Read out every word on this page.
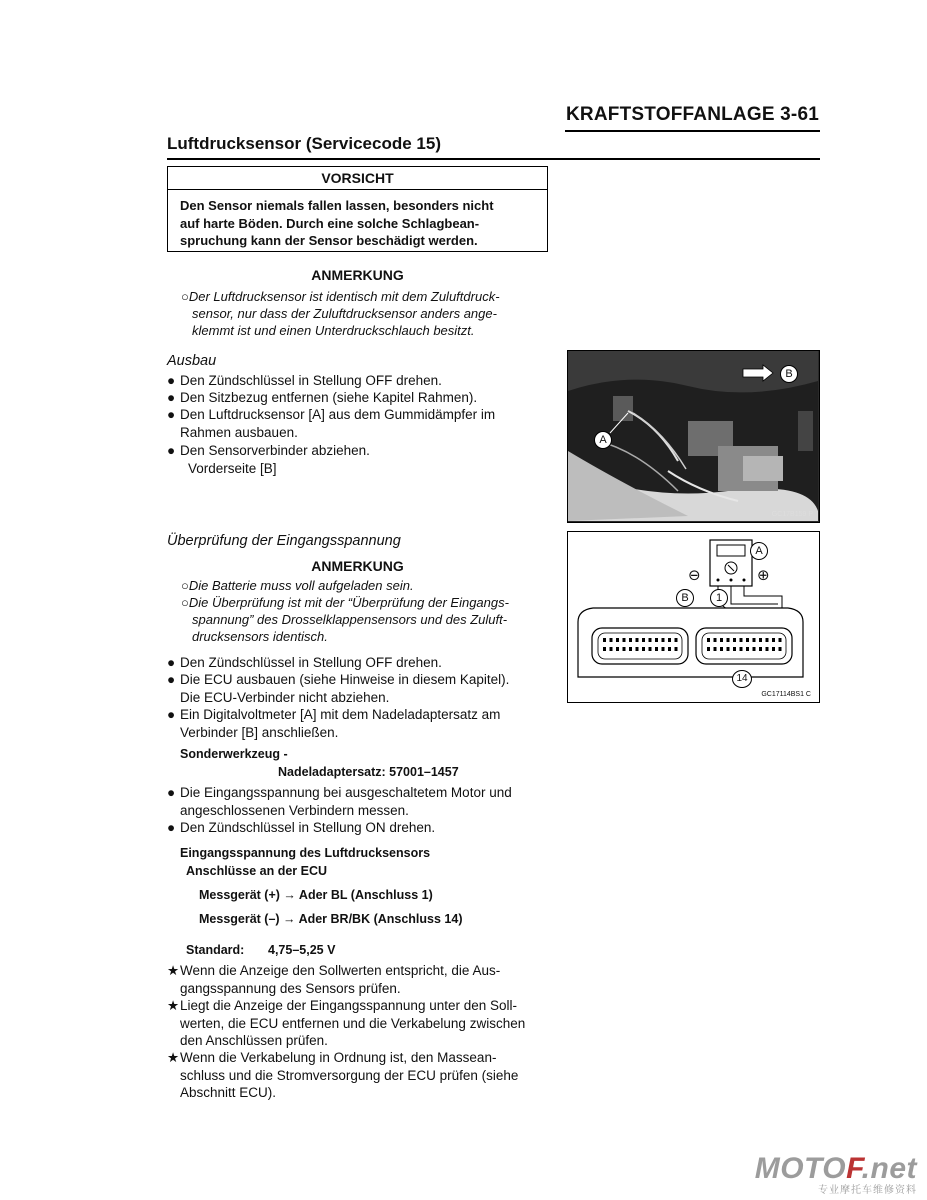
KRAFTSTOFFANLAGE 3-61
Luftdrucksensor (Servicecode 15)
VORSICHT
Den Sensor niemals fallen lassen, besonders nicht
auf harte Böden. Durch eine solche Schlagbean-
spruchung kann der Sensor beschädigt werden.
ANMERKUNG
○Der Luftdrucksensor ist identisch mit dem Zuluftdruck-
sensor, nur dass der Zuluftdrucksensor anders ange-
klemmt ist und einen Unterdruckschlauch besitzt.
Ausbau
● Den Zündschlüssel in Stellung OFF drehen.
● Den Sitzbezug entfernen (siehe Kapitel Rahmen).
● Den Luftdrucksensor [A] aus dem Gummidämpfer im
Rahmen ausbauen.
● Den Sensorverbinder abziehen.
Vorderseite [B]
A
B
GC17B159 P
Überprüfung der Eingangsspannung
ANMERKUNG
○Die Batterie muss voll aufgeladen sein.
○Die Überprüfung ist mit der “Überprüfung der Eingangs-
spannung” des Drosselklappensensors und des Zuluft-
drucksensors identisch.
● Den Zündschlüssel in Stellung OFF drehen.
● Die ECU ausbauen (siehe Hinweise in diesem Kapitel).
Die ECU-Verbinder nicht abziehen.
● Ein Digitalvoltmeter [A] mit dem Nadeladaptersatz am
Verbinder [B] anschließen.
Sonderwerkzeug -
Nadeladaptersatz: 57001–1457
● Die Eingangsspannung bei ausgeschaltetem Motor und
angeschlossenen Verbindern messen.
● Den Zündschlüssel in Stellung ON drehen.
Eingangsspannung des Luftdrucksensors
Anschlüsse an der ECU
Messgerät (+) → Ader BL (Anschluss 1)
Messgerät (–) → Ader BR/BK (Anschluss 14)
Standard: 4,75–5,25 V
★ Wenn die Anzeige den Sollwerten entspricht, die Aus-
gangsspannung des Sensors prüfen.
★ Liegt die Anzeige der Eingangsspannung unter den Soll-
werten, die ECU entfernen und die Verkabelung zwischen
den Anschlüssen prüfen.
★ Wenn die Verkabelung in Ordnung ist, den Massean-
schluss und die Stromversorgung der ECU prüfen (siehe
Abschnitt ECU).
⊖	⊕
A
B	1
14
GC17114BS1 C
MOTOF.net
专业摩托车维修资料
